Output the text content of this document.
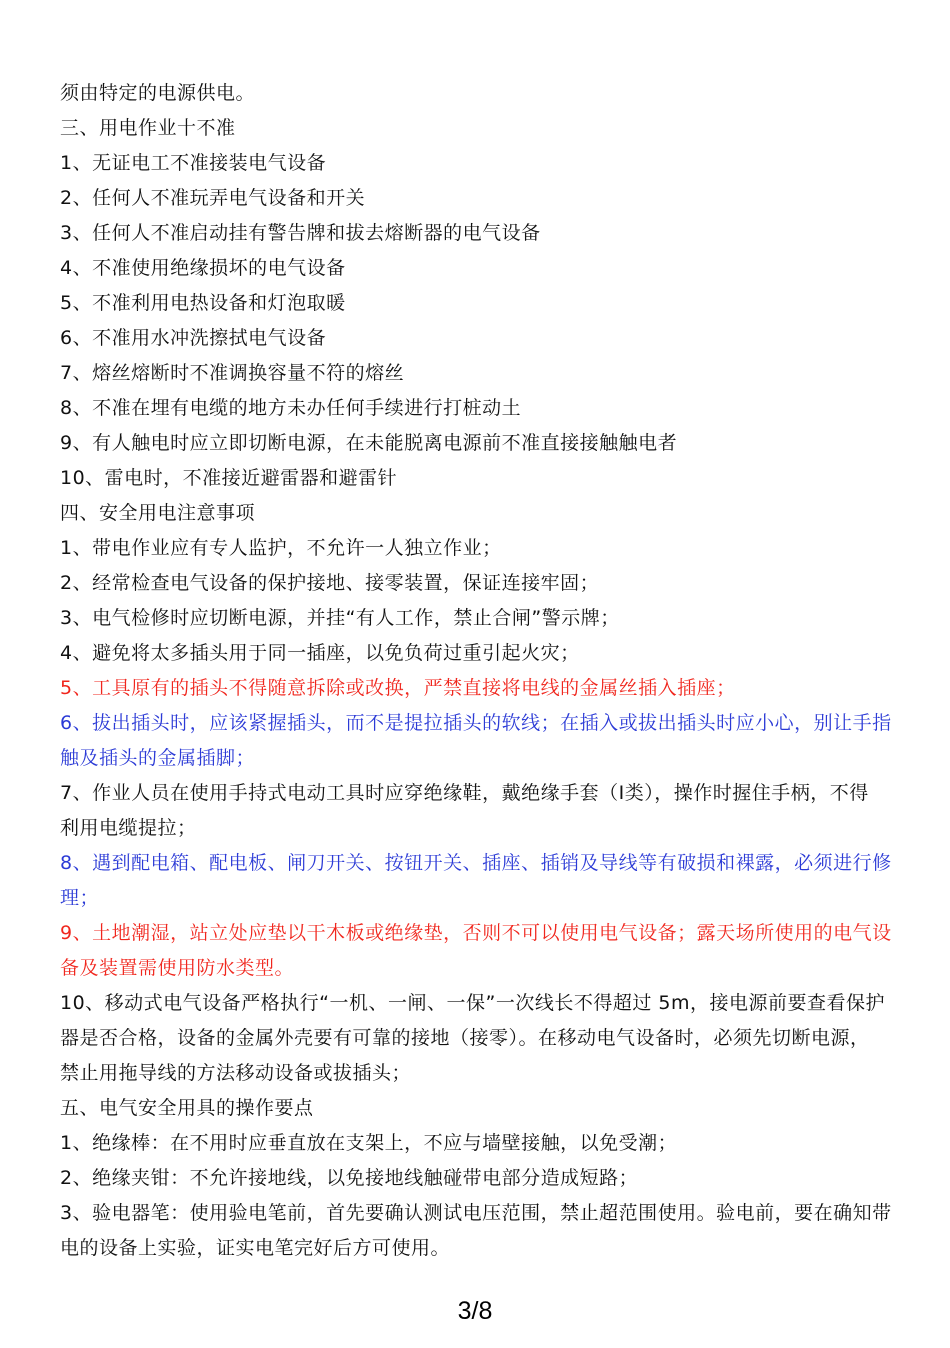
须由特定的电源供电。
三、用电作业十不准
1、无证电工不准接装电气设备
2、任何人不准玩弄电气设备和开关
3、任何人不准启动挂有警告牌和拔去熔断器的电气设备
4、不准使用绝缘损坏的电气设备
5、不准利用电热设备和灯泡取暖
6、不准用水冲洗擦拭电气设备
7、熔丝熔断时不准调换容量不符的熔丝
8、不准在埋有电缆的地方未办任何手续进行打桩动土
9、有人触电时应立即切断电源，在未能脱离电源前不准直接接触触电者
10、雷电时，不准接近避雷器和避雷针
四、安全用电注意事项
1、带电作业应有专人监护，不允许一人独立作业；
2、经常检查电气设备的保护接地、接零装置，保证连接牢固；
3、电气检修时应切断电源，并挂“有人工作，禁止合闸”警示牌；
4、避免将太多插头用于同一插座，以免负荷过重引起火灾；
5、工具原有的插头不得随意拆除或改换，严禁直接将电线的金属丝插入插座；
6、拔出插头时，应该紧握插头，而不是提拉插头的软线；在插入或拔出插头时应小心，别让手指
触及插头的金属插脚；
7、作业人员在使用手持式电动工具时应穿绝缘鞋，戴绝缘手套（Ⅰ类），操作时握住手柄，不得
利用电缆提拉；
8、遇到配电箱、配电板、闸刀开关、按钮开关、插座、插销及导线等有破损和裸露，必须进行修
理；
9、土地潮湿，站立处应垫以干木板或绝缘垫，否则不可以使用电气设备；露天场所使用的电气设
备及装置需使用防水类型。
10、移动式电气设备严格执行“一机、一闸、一保”一次线长不得超过 5m，接电源前要查看保护
器是否合格，设备的金属外壳要有可靠的接地（接零）。在移动电气设备时，必须先切断电源，
禁止用拖导线的方法移动设备或拔插头；
五、电气安全用具的操作要点
1、绝缘棒：在不用时应垂直放在支架上，不应与墙壁接触，以免受潮；
2、绝缘夹钳：不允许接地线，以免接地线触碰带电部分造成短路；
3、验电器笔：使用验电笔前，首先要确认测试电压范围，禁止超范围使用。验电前，要在确知带
电的设备上实验，证实电笔完好后方可使用。
3/8
